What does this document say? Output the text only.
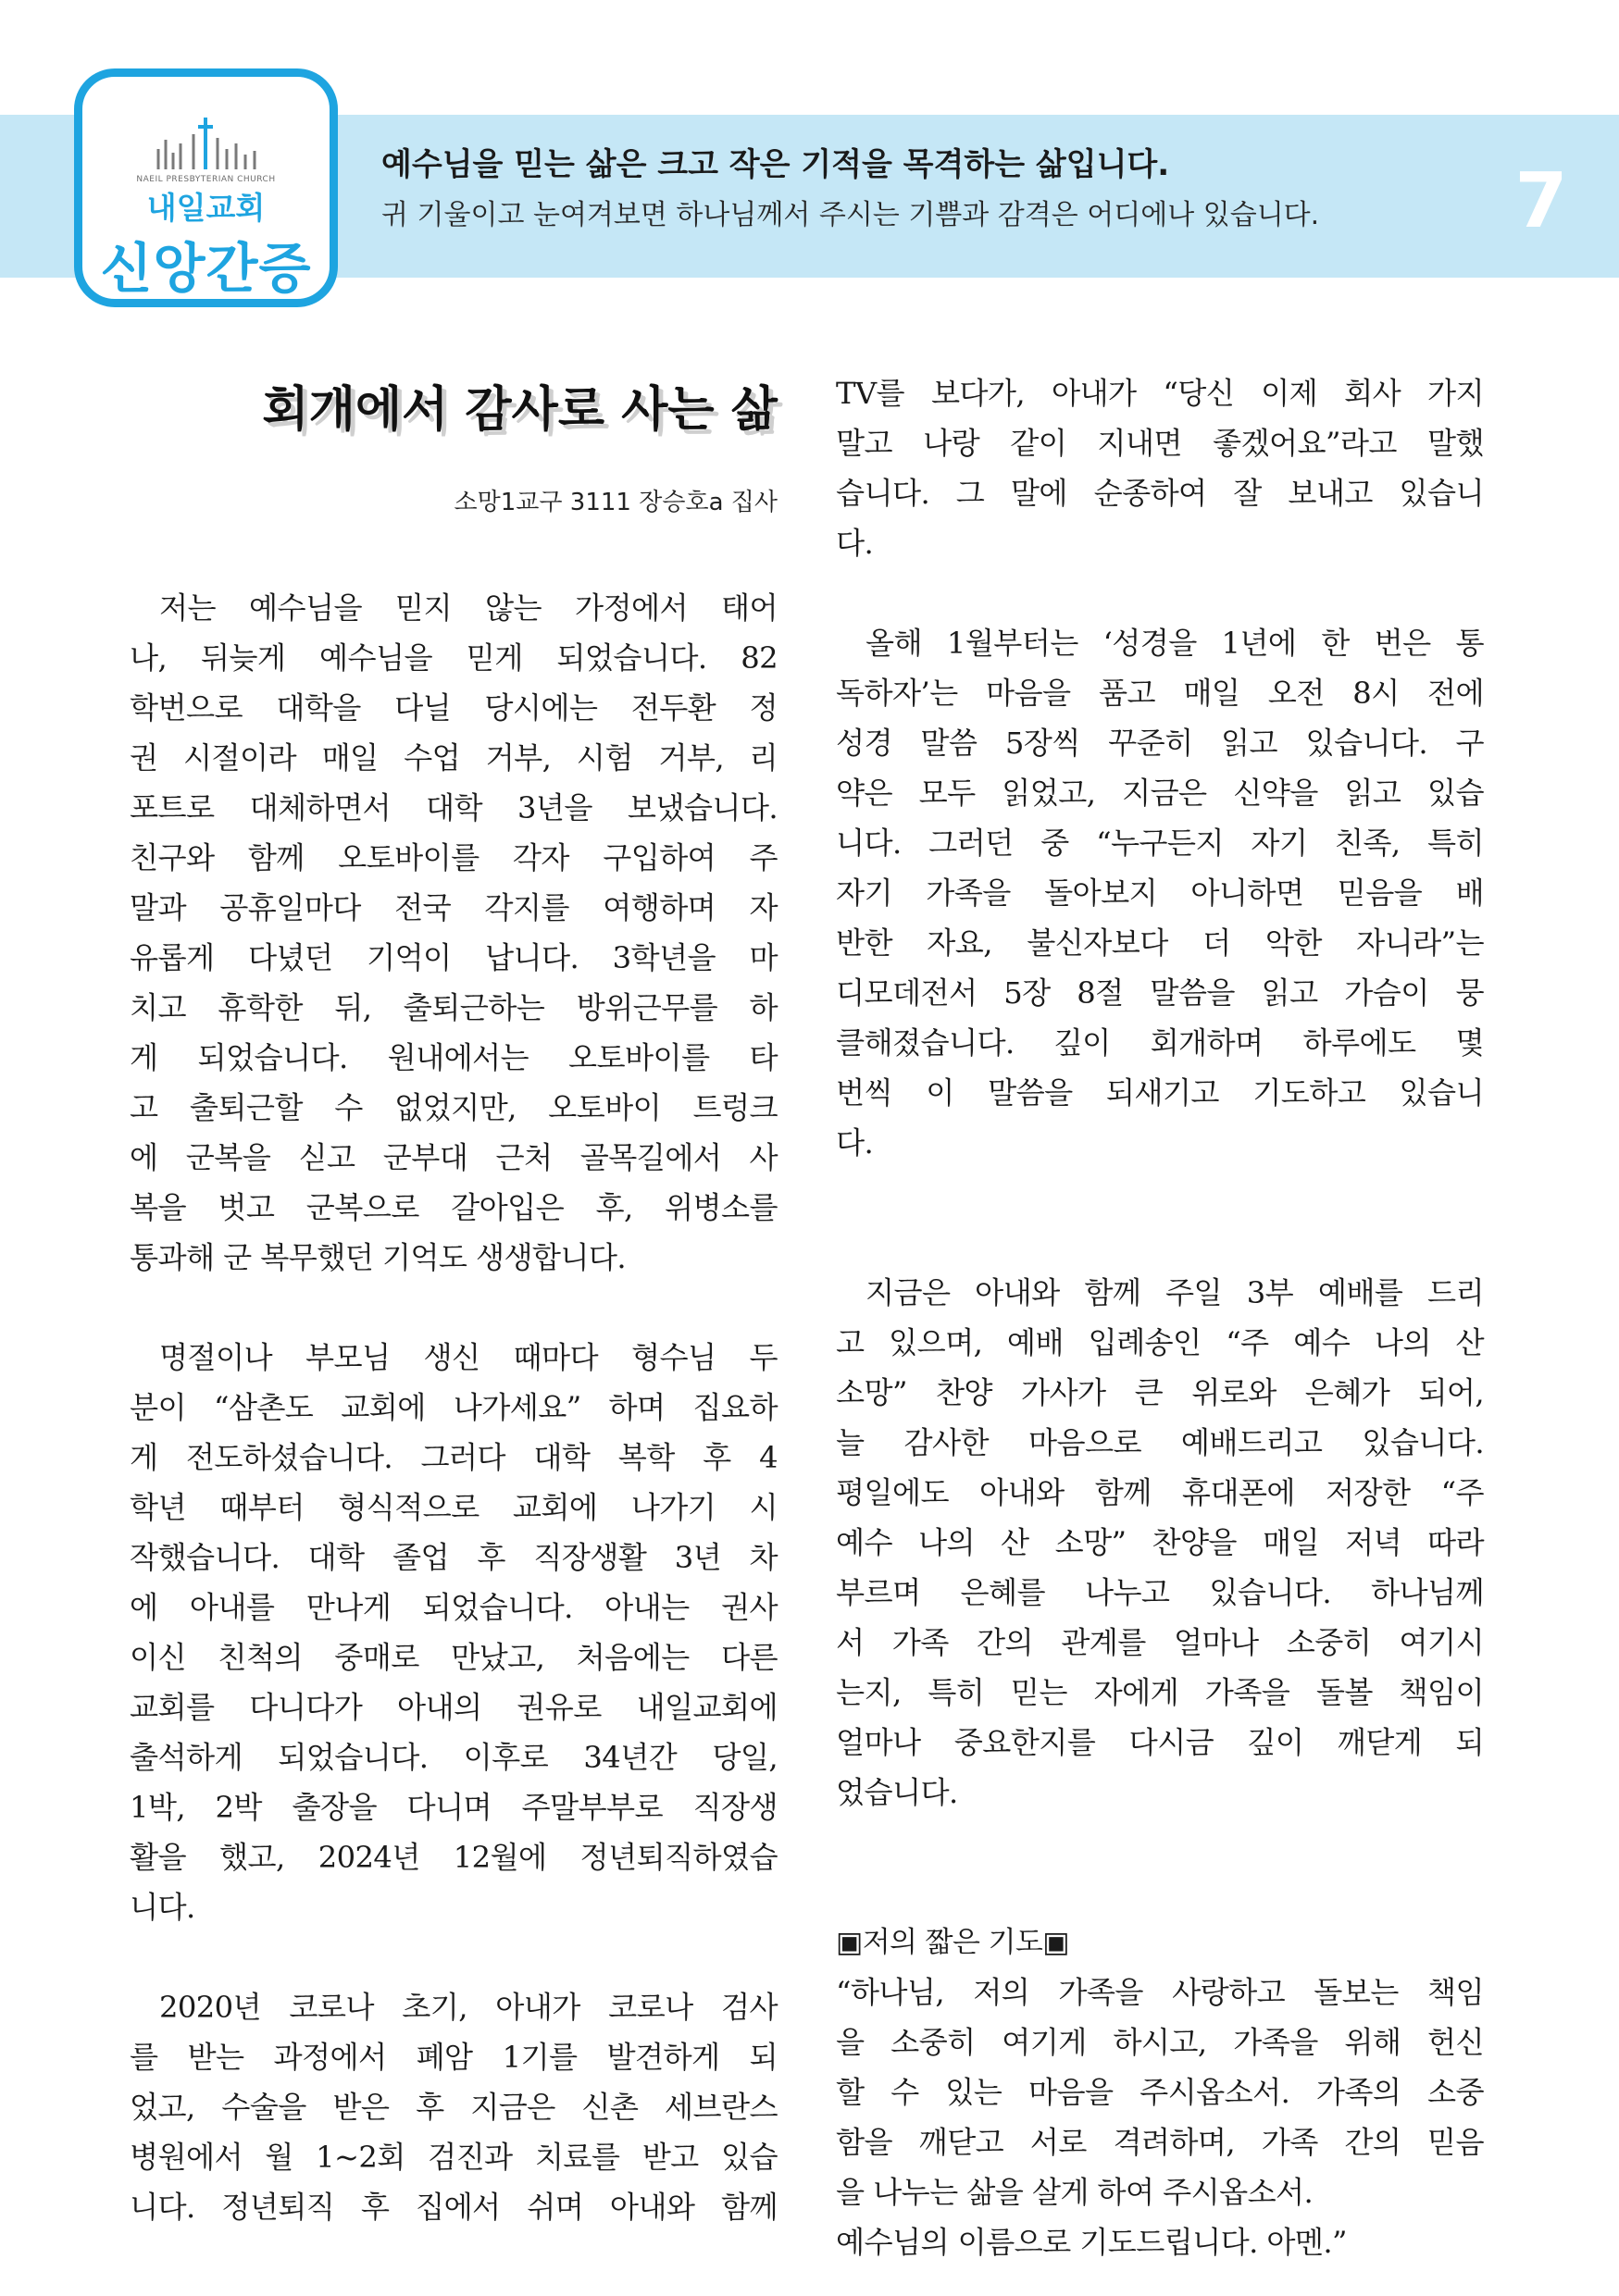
NAEIL PRESBYTERIAN CHURCH
내일교회
신앙간증
예수님을 믿는 삶은 크고 작은 기적을 목격하는 삶입니다.
귀 기울이고 눈여겨보면 하나님께서 주시는 기쁨과 감격은 어디에나 있습니다.	7
회개에서 감사로 사는 삶
소망1교구 3111 장승호a 집사
저는 예수님을 믿지 않는 가정에서 태어
나, 뒤늦게 예수님을 믿게 되었습니다. 82
학번으로 대학을 다닐 당시에는 전두환 정
권 시절이라 매일 수업 거부, 시험 거부, 리
포트로 대체하면서 대학 3년을 보냈습니다.
친구와 함께 오토바이를 각자 구입하여 주
말과 공휴일마다 전국 각지를 여행하며 자
유롭게 다녔던 기억이 납니다. 3학년을 마
치고 휴학한 뒤, 출퇴근하는 방위근무를 하
게 되었습니다. 원내에서는 오토바이를 타
고 출퇴근할 수 없었지만, 오토바이 트렁크
에 군복을 싣고 군부대 근처 골목길에서 사
복을 벗고 군복으로 갈아입은 후, 위병소를
통과해 군 복무했던 기억도 생생합니다.
명절이나 부모님 생신 때마다 형수님 두
분이 “삼촌도 교회에 나가세요” 하며 집요하
게 전도하셨습니다. 그러다 대학 복학 후 4
학년 때부터 형식적으로 교회에 나가기 시
작했습니다. 대학 졸업 후 직장생활 3년 차
에 아내를 만나게 되었습니다. 아내는 권사
이신 친척의 중매로 만났고, 처음에는 다른
교회를 다니다가 아내의 권유로 내일교회에
출석하게 되었습니다. 이후로 34년간 당일,
1박, 2박 출장을 다니며 주말부부로 직장생
활을 했고, 2024년 12월에 정년퇴직하였습
니다.
2020년 코로나 초기, 아내가 코로나 검사
를 받는 과정에서 폐암 1기를 발견하게 되
었고, 수술을 받은 후 지금은 신촌 세브란스
병원에서 월 1~2회 검진과 치료를 받고 있습
니다. 정년퇴직 후 집에서 쉬며 아내와 함께
TV를 보다가, 아내가 “당신 이제 회사 가지
말고 나랑 같이 지내면 좋겠어요”라고 말했
습니다. 그 말에 순종하여 잘 보내고 있습니
다.
올해 1월부터는 ‘성경을 1년에 한 번은 통
독하자’는 마음을 품고 매일 오전 8시 전에
성경 말씀 5장씩 꾸준히 읽고 있습니다. 구
약은 모두 읽었고, 지금은 신약을 읽고 있습
니다. 그러던 중 “누구든지 자기 친족, 특히
자기 가족을 돌아보지 아니하면 믿음을 배
반한 자요, 불신자보다 더 악한 자니라”는
디모데전서 5장 8절 말씀을 읽고 가슴이 뭉
클해졌습니다. 깊이 회개하며 하루에도 몇
번씩 이 말씀을 되새기고 기도하고 있습니
다.
지금은 아내와 함께 주일 3부 예배를 드리
고 있으며, 예배 입례송인 “주 예수 나의 산
소망” 찬양 가사가 큰 위로와 은혜가 되어,
늘 감사한 마음으로 예배드리고 있습니다.
평일에도 아내와 함께 휴대폰에 저장한 “주
예수 나의 산 소망” 찬양을 매일 저녁 따라
부르며 은혜를 나누고 있습니다. 하나님께
서 가족 간의 관계를 얼마나 소중히 여기시
는지, 특히 믿는 자에게 가족을 돌볼 책임이
얼마나 중요한지를 다시금 깊이 깨닫게 되
었습니다.
▣저의 짧은 기도▣
“하나님, 저의 가족을 사랑하고 돌보는 책임
을 소중히 여기게 하시고, 가족을 위해 헌신
할 수 있는 마음을 주시옵소서. 가족의 소중
함을 깨닫고 서로 격려하며, 가족 간의 믿음
을 나누는 삶을 살게 하여 주시옵소서.
예수님의 이름으로 기도드립니다. 아멘.”
